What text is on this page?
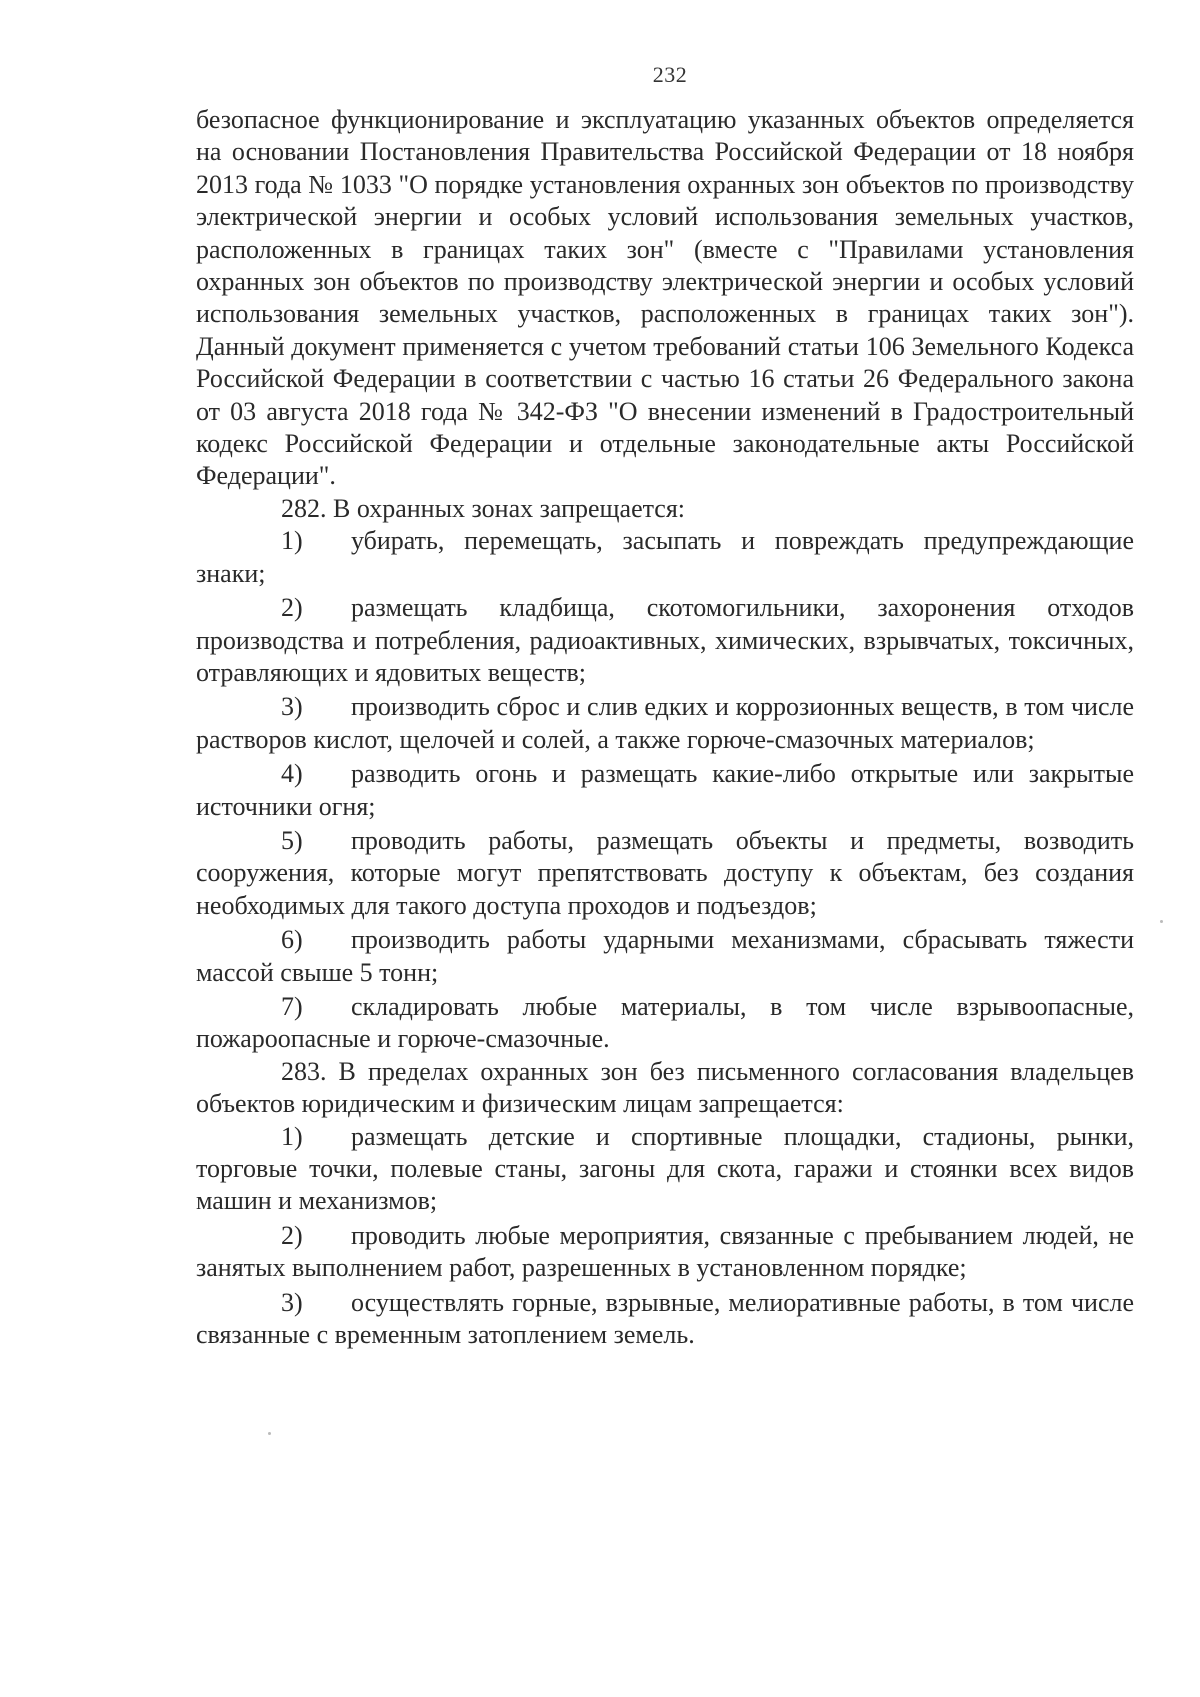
232

безопасное функционирование и эксплуатацию указанных объектов определяется на основании Постановления Правительства Российской Федерации от 18 ноября 2013 года № 1033 "О порядке установления охранных зон объектов по производству электрической энергии и особых условий использования земельных участков, расположенных в границах таких зон" (вместе с "Правилами установления охранных зон объектов по производству электрической энергии и особых условий использования земельных участков, расположенных в границах таких зон"). Данный документ применяется с учетом требований статьи 106 Земельного Кодекса Российской Федерации в соответствии с частью 16 статьи 26 Федерального закона от 03 августа 2018 года № 342-ФЗ "О внесении изменений в Градостроительный кодекс Российской Федерации и отдельные законодательные акты Российской Федерации".

282. В охранных зонах запрещается:

1) убирать, перемещать, засыпать и повреждать предупреждающие знаки;

2) размещать кладбища, скотомогильники, захоронения отходов производства и потребления, радиоактивных, химических, взрывчатых, токсичных, отравляющих и ядовитых веществ;

3) производить сброс и слив едких и коррозионных веществ, в том числе растворов кислот, щелочей и солей, а также горюче-смазочных материалов;

4) разводить огонь и размещать какие-либо открытые или закрытые источники огня;

5) проводить работы, размещать объекты и предметы, возводить сооружения, которые могут препятствовать доступу к объектам, без создания необходимых для такого доступа проходов и подъездов;

6) производить работы ударными механизмами, сбрасывать тяжести массой свыше 5 тонн;

7) складировать любые материалы, в том числе взрывоопасные, пожароопасные и горюче-смазочные.

283. В пределах охранных зон без письменного согласования владельцев объектов юридическим и физическим лицам запрещается:

1) размещать детские и спортивные площадки, стадионы, рынки, торговые точки, полевые станы, загоны для скота, гаражи и стоянки всех видов машин и механизмов;

2) проводить любые мероприятия, связанные с пребыванием людей, не занятых выполнением работ, разрешенных в установленном порядке;

3) осуществлять горные, взрывные, мелиоративные работы, в том числе связанные с временным затоплением земель.
